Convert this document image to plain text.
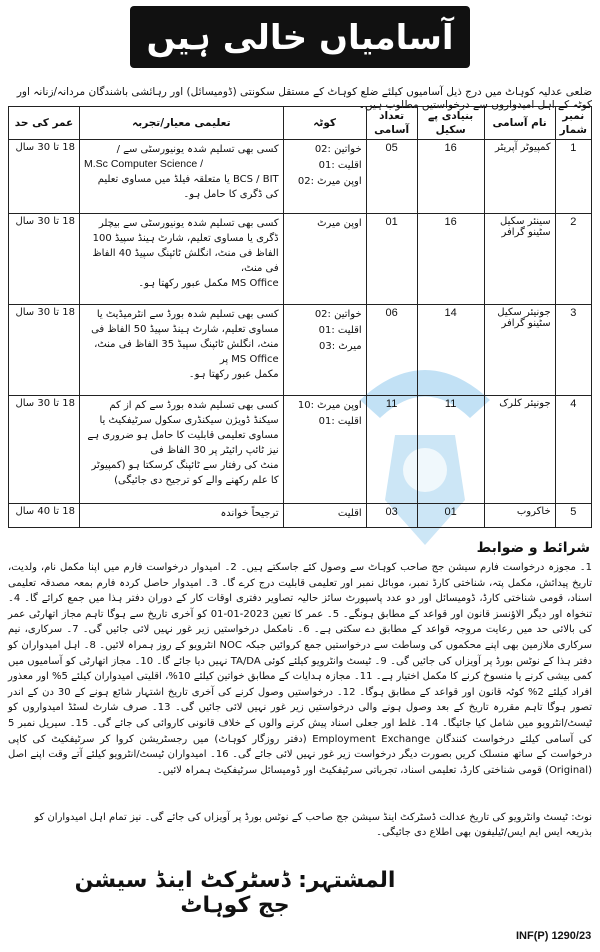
آسامیاں خالی ہیں
ضلعی عدلیہ کوہاٹ میں درج ذیل آسامیوں کیلئے ضلع کوہاٹ کے مستقل سکونتی (ڈومیسائل) اور رہائشی باشندگان مردانہ/زنانہ اور کوٹہ کے اہل امیدواروں سے درخواستیں مطلوب ہیں۔
نمبر شمار	نام آسامی	بنیادی پے سکیل	تعداد آسامی	کوٹہ	تعلیمی معیار/تجربہ	عمر کی حد
1	کمپیوٹر آپریٹر	16	05	خواتین :02
اقلیت :01
اوپن میرٹ :02	کسی بھی تسلیم شدہ یونیورسٹی سے /
M.Sc Computer Science /
BCS / BIT یا متعلقہ فیلڈ میں مساوی تعلیم کی ڈگری کا حامل ہو۔	18 تا 30 سال
2	سینئر سکیل سٹینو گرافر	16	01	اوپن میرٹ	کسی بھی تسلیم شدہ یونیورسٹی سے بیچلر ڈگری یا مساوی تعلیم، شارٹ ہینڈ سپیڈ 100 الفاظ فی منٹ، انگلش ٹائپنگ سپیڈ 40 الفاظ فی منٹ،
MS Office مکمل عبور رکھتا ہو۔	18 تا 30 سال
3	جونیئر سکیل سٹینو گرافر	14	06	خواتین :02
اقلیت :01
میرٹ :03	کسی بھی تسلیم شدہ بورڈ سے انٹرمیڈیٹ یا مساوی تعلیم، شارٹ ہینڈ سپیڈ 50 الفاظ فی منٹ، انگلش ٹائپنگ سپیڈ 35 الفاظ فی منٹ، MS Office پر
مکمل عبور رکھتا ہو۔	18 تا 30 سال
4	جونیئر کلرک	11	11	اوپن میرٹ :10
اقلیت :01	کسی بھی تسلیم شدہ بورڈ سے کم از کم سیکنڈ ڈویژن سیکنڈری سکول سرٹیفکیٹ یا مساوی تعلیمی قابلیت کا حامل ہو ضروری ہے نیز ٹائپ رائیٹر پر 30 الفاظ فی
منٹ کی رفتار سے ٹائپنگ کرسکتا ہو (کمپیوٹر کا علم رکھنے والے کو ترجیح دی جائیگی)	18 تا 30 سال
5	خاکروب	01	03	اقلیت	ترجیحاً خواندہ	18 تا 40 سال
شرائط و ضوابط
1۔ مجوزہ درخواست فارم سیشن جج صاحب کوہاٹ سے وصول کئے جاسکتے ہیں۔ 2۔ امیدوار درخواست فارم میں اپنا مکمل نام، ولدیت، تاریخ پیدائش، مکمل پتہ، شناختی کارڈ نمبر، موبائل نمبر اور تعلیمی قابلیت درج کرے گا۔ 3۔ امیدوار حاصل کردہ فارم بمعہ مصدقہ تعلیمی اسناد، قومی شناختی کارڈ، ڈومیسائل اور دو عدد پاسپورٹ سائز حالیہ تصاویر دفتری اوقات کار کے دوران دفتر ہذا میں جمع کرائے گا۔ 4۔ تنخواہ اور دیگر الاؤنسز قانون اور قواعد کے مطابق ہونگے۔ 5۔ عمر کا تعین 2023-01-01 کو آخری تاریخ سے ہوگا تاہم مجاز اتھارٹی عمر کی بالائی حد میں رعایت مروجہ قواعد کے مطابق دے سکتی ہے۔ 6۔ نامکمل درخواستیں زیر غور نہیں لائی جائیں گی۔ 7۔ سرکاری، نیم سرکاری ملازمین بھی اپنے محکموں کی وساطت سے درخواستیں جمع کروائیں جبکہ NOC انٹرویو کے روز ہمراہ لائیں۔ 8۔ اہل امیدواران کو دفتر ہذا کے نوٹس بورڈ پر آویزاں کی جائیں گی۔ 9۔ ٹیسٹ وانٹرویو کیلئے کوئی TA/DA نہیں دیا جائے گا۔ 10۔ مجاز اتھارٹی کو آسامیوں میں کمی بیشی کرنے یا منسوخ کرنے کا مکمل اختیار ہے۔ 11۔ مجازہ ہدایات کے مطابق خواتین کیلئے 10%، اقلیتی امیدواران کیلئے 5% اور معذور افراد کیلئے 2% کوٹہ قانون اور قواعد کے مطابق ہوگا۔ 12۔ درخواستیں وصول کرنے کی آخری تاریخ اشتہار شائع ہونے کے 30 دن کے اندر تصور ہوگا تاہم مقررہ تاریخ کے بعد وصول ہونے والی درخواستیں زیر غور نہیں لائی جائیں گی۔ 13۔ صرف شارٹ لسٹڈ امیدواروں کو ٹیسٹ/انٹرویو میں شامل کیا جائیگا۔ 14۔ غلط اور جعلی اسناد پیش کرنے والوں کے خلاف قانونی کاروائی کی جائے گی۔ 15۔ سیریل نمبر 5 کی آسامی کیلئے درخواست کنندگان Employment Exchange (دفتر روزگار کوہاٹ) میں رجسٹریشن کروا کر سرٹیفکیٹ کی کاپی درخواست کے ساتھ منسلک کریں بصورت دیگر درخواست زیر غور نہیں لائی جائے گی۔ 16۔ امیدواران ٹیسٹ/انٹرویو کیلئے آتے وقت اپنے اصل (Original) قومی شناختی کارڈ، تعلیمی اسناد، تجرباتی سرٹیفکیٹ اور ڈومیسائل سرٹیفکیٹ ہمراہ لائیں۔
نوٹ: ٹیسٹ وانٹرویو کی تاریخ عدالت ڈسٹرکٹ اینڈ سیشن جج صاحب کے نوٹس بورڈ پر آویزاں کی جائے گی۔ نیز تمام اہل امیدواران کو بذریعہ ایس ایم ایس/ٹیلیفون بھی اطلاع دی جائیگی۔
المشتہر: ڈسٹرکٹ اینڈ سیشن جج کوہاٹ
INF(P) 1290/23
